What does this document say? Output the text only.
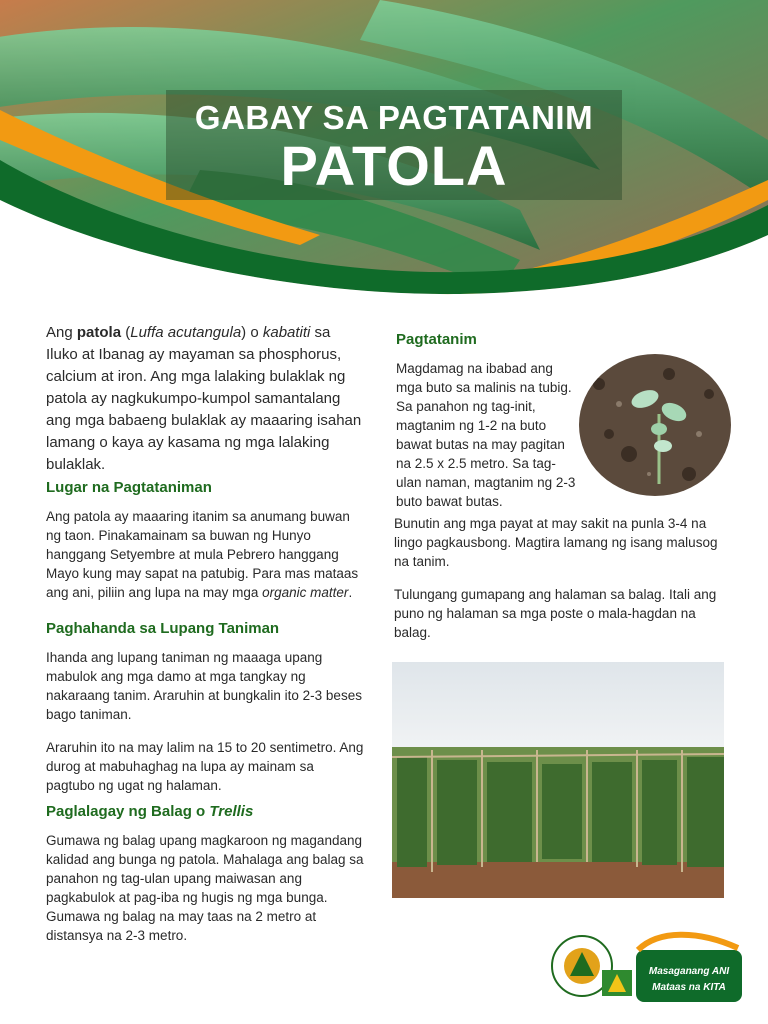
GABAY SA PAGTATANIM
PATOLA

Ang patola (Luffa acutangula) o kabatiti sa Iluko at Ibanag ay mayaman sa phosphorus, calcium at iron. Ang mga lalaking bulaklak ng patola ay nagkukumpo-kumpol samantalang ang mga babaeng bulaklak ay maaaring isahan lamang o kaya ay kasama ng mga lalaking bulaklak.

Lugar na Pagtataniman

Ang patola ay maaaring itanim sa anumang buwan ng taon. Pinakamainam sa buwan ng Hunyo hanggang Setyembre at mula Pebrero hanggang Mayo kung may sapat na patubig. Para mas mataas ang ani, piliin ang lupa na may mga organic matter.

Paghahanda sa Lupang Taniman

Ihanda ang lupang taniman ng maaaga upang mabulok ang mga damo at mga tangkay ng nakaraang tanim. Araruhin at bungkalin ito 2-3 beses bago taniman.

Araruhin ito na may lalim na 15 to 20 sentimetro. Ang durog at mabuhaghag na lupa ay mainam sa pagtubo ng ugat ng halaman.

Paglalagay ng Balag o Trellis

Gumawa ng balag upang magkaroon ng magandang kalidad ang bunga ng patola. Mahalaga ang balag sa panahon ng tag-ulan upang maiwasan ang pagkabulok at pag-iba ng hugis ng mga bunga. Gumawa ng balag na may taas na 2 metro at distansya na 2-3 metro.

Pagtatanim

Magdamag na ibabad ang mga buto sa malinis na tubig. Sa panahon ng tag-init, magtanim ng 1-2 na buto bawat butas na may pagitan na 2.5 x 2.5 metro. Sa tag-ulan naman, magtanim ng 2-3 buto bawat butas.

Bunutin ang mga payat at may sakit na punla 3-4 na lingo pagkausbong. Magtira lamang ng isang malusog na tanim.

Tulungang gumapang ang halaman sa balag. Itali ang puno ng halaman sa mga poste o mala-hagdan na balag.

Masaganang ANI
Mataas na KITA
